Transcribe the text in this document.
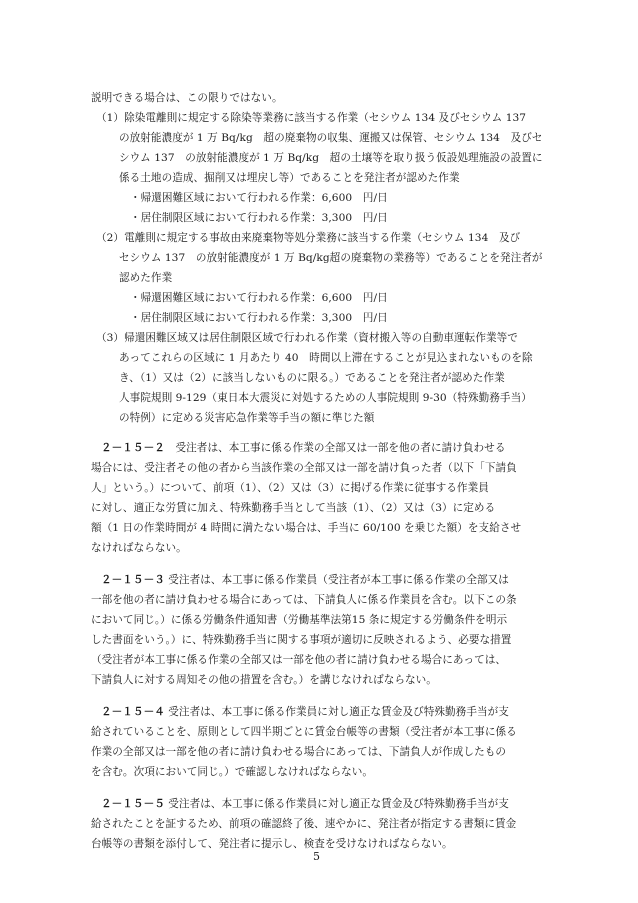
説明できる場合は、この限りではない。

（1）除染電離則に規定する除染等業務に該当する作業（セシウム 134 及びセシウム 137

の放射能濃度が 1 万 Bq/kg　超の廃棄物の収集、運搬又は保管、セシウム 134　及びセ

シウム 137　の放射能濃度が 1 万 Bq/kg　超の土壌等を取り扱う仮設処理施設の設置に

係る土地の造成、掘削又は埋戻し等）であることを発注者が認めた作業

・帰還困難区域において行われる作業：6,600　円/日

・居住制限区域において行われる作業：3,300　円/日

（2）電離則に規定する事故由来廃棄物等処分業務に該当する作業（セシウム 134　及び

セシウム 137　の放射能濃度が 1 万 Bq/kg超の廃棄物の業務等）であることを発注者が

認めた作業

・帰還困難区域において行われる作業：6,600　円/日

・居住制限区域において行われる作業：3,300　円/日

（3）帰還困難区域又は居住制限区域で行われる作業（資材搬入等の自動車運転作業等で

あってこれらの区域に 1 月あたり 40　時間以上滞在することが見込まれないものを除

き、（1）又は（2）に該当しないものに限る。）であることを発注者が認めた作業

人事院規則 9-129（東日本大震災に対処するための人事院規則 9-30（特殊勤務手当）

の特例）に定める災害応急作業等手当の額に準じた額

２－１５－２　受注者は、本工事に係る作業の全部又は一部を他の者に請け負わせる

場合には、受注者その他の者から当該作業の全部又は一部を請け負った者（以下「下請負

人」という。）について、前項（1）、（2）又は（3）に掲げる作業に従事する作業員

に対し、適正な労賃に加え、特殊勤務手当として当該（1）、（2）又は（3）に定める

額（1 日の作業時間が 4 時間に満たない場合は、手当に 60/100 を乗じた額）を支給させ

なければならない。

２－１５－３ 受注者は、本工事に係る作業員（受注者が本工事に係る作業の全部又は

一部を他の者に請け負わせる場合にあっては、下請負人に係る作業員を含む。以下この条

において同じ。）に係る労働条件通知書（労働基準法第15 条に規定する労働条件を明示

した書面をいう。）に、特殊勤務手当に関する事項が適切に反映されるよう、必要な措置

（受注者が本工事に係る作業の全部又は一部を他の者に請け負わせる場合にあっては、

下請負人に対する周知その他の措置を含む。）を講じなければならない。

２－１５－４ 受注者は、本工事に係る作業員に対し適正な賃金及び特殊勤務手当が支

給されていることを、原則として四半期ごとに賃金台帳等の書類（受注者が本工事に係る

作業の全部又は一部を他の者に請け負わせる場合にあっては、下請負人が作成したもの

を含む。次項において同じ。）で確認しなければならない。

２－１５－５ 受注者は、本工事に係る作業員に対し適正な賃金及び特殊勤務手当が支

給されたことを証するため、前項の確認終了後、速やかに、発注者が指定する書類に賃金

台帳等の書類を添付して、発注者に提示し、検査を受けなければならない。

5
